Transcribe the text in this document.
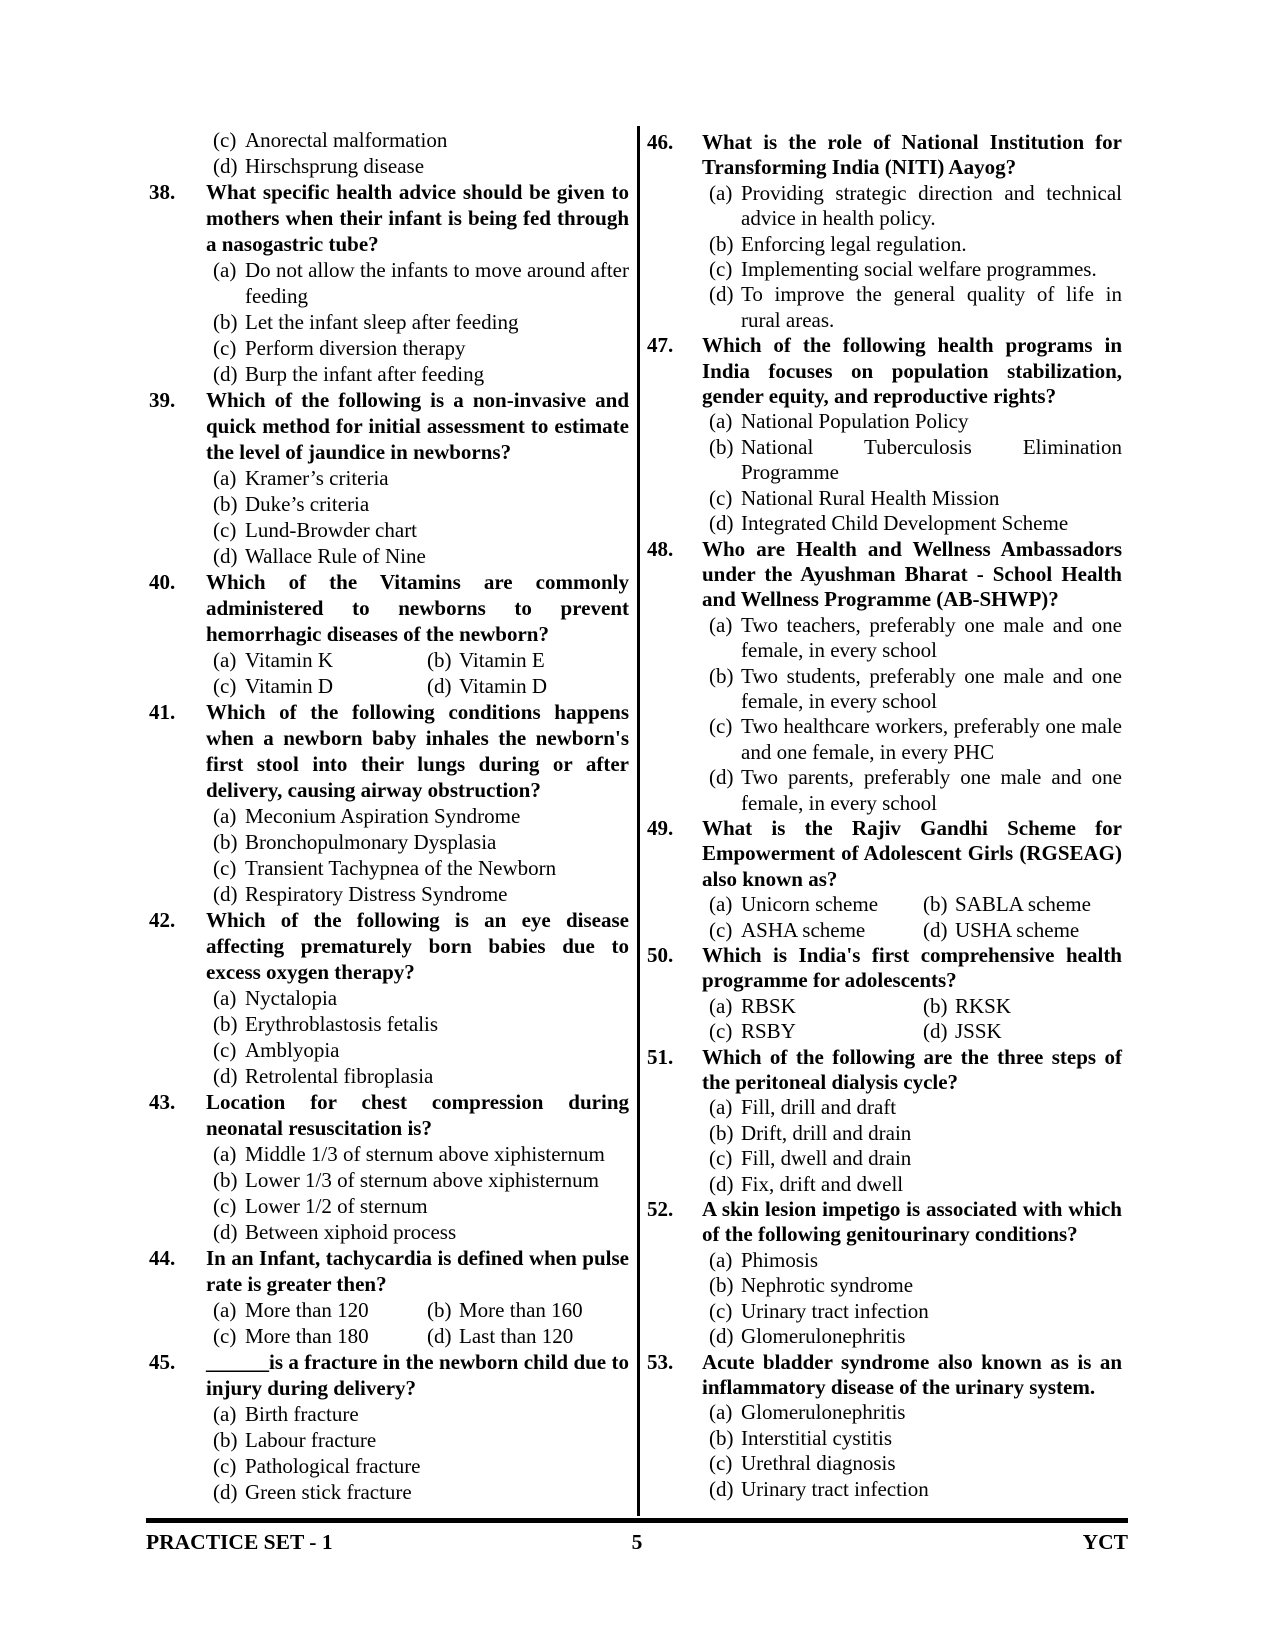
(c) Anorectal malformation
(d) Hirschsprung disease
38.	What specific health advice should be given to mothers when their infant is being fed through a nasogastric tube?
(a) Do not allow the infants to move around after feeding
(b) Let the infant sleep after feeding
(c) Perform diversion therapy
(d) Burp the infant after feeding
39.	Which of the following is a non-invasive and quick method for initial assessment to estimate the level of jaundice in newborns?
(a) Kramer’s criteria
(b) Duke’s criteria
(c) Lund-Browder chart
(d) Wallace Rule of Nine
40.	Which of the Vitamins are commonly administered to newborns to prevent hemorrhagic diseases of the newborn?
(a) Vitamin K	(b) Vitamin E
(c) Vitamin D	(d) Vitamin D
41.	Which of the following conditions happens when a newborn baby inhales the newborn's first stool into their lungs during or after delivery, causing airway obstruction?
(a) Meconium Aspiration Syndrome
(b) Bronchopulmonary Dysplasia
(c) Transient Tachypnea of the Newborn
(d) Respiratory Distress Syndrome
42.	Which of the following is an eye disease affecting prematurely born babies due to excess oxygen therapy?
(a) Nyctalopia
(b) Erythroblastosis fetalis
(c) Amblyopia
(d) Retrolental fibroplasia
43.	Location for chest compression during neonatal resuscitation is?
(a) Middle 1/3 of sternum above xiphisternum
(b) Lower 1/3 of sternum above xiphisternum
(c) Lower 1/2 of sternum
(d) Between xiphoid process
44.	In an Infant, tachycardia is defined when pulse rate is greater then?
(a) More than 120	(b) More than 160
(c) More than 180	(d) Last than 120
45.	______is a fracture in the newborn child due to injury during delivery?
(a) Birth fracture
(b) Labour fracture
(c) Pathological fracture
(d) Green stick fracture
46.	What is the role of National Institution for Transforming India (NITI) Aayog?
(a) Providing strategic direction and technical advice in health policy.
(b) Enforcing legal regulation.
(c) Implementing social welfare programmes.
(d) To improve the general quality of life in rural areas.
47.	Which of the following health programs in India focuses on population stabilization, gender equity, and reproductive rights?
(a) National Population Policy
(b) National Tuberculosis Elimination Programme
(c) National Rural Health Mission
(d) Integrated Child Development Scheme
48.	Who are Health and Wellness Ambassadors under the Ayushman Bharat - School Health and Wellness Programme (AB-SHWP)?
(a) Two teachers, preferably one male and one female, in every school
(b) Two students, preferably one male and one female, in every school
(c) Two healthcare workers, preferably one male and one female, in every PHC
(d) Two parents, preferably one male and one female, in every school
49.	What is the Rajiv Gandhi Scheme for Empowerment of Adolescent Girls (RGSEAG) also known as?
(a) Unicorn scheme	(b) SABLA scheme
(c) ASHA scheme	(d) USHA scheme
50.	Which is India's first comprehensive health programme for adolescents?
(a) RBSK	(b) RKSK
(c) RSBY	(d) JSSK
51.	Which of the following are the three steps of the peritoneal dialysis cycle?
(a) Fill, drill and draft
(b) Drift, drill and drain
(c) Fill, dwell and drain
(d) Fix, drift and dwell
52.	A skin lesion impetigo is associated with which of the following genitourinary conditions?
(a) Phimosis
(b) Nephrotic syndrome
(c) Urinary tract infection
(d) Glomerulonephritis
53.	Acute bladder syndrome also known as is an inflammatory disease of the urinary system.
(a) Glomerulonephritis
(b) Interstitial cystitis
(c) Urethral diagnosis
(d) Urinary tract infection
PRACTICE SET - 1	5	YCT
